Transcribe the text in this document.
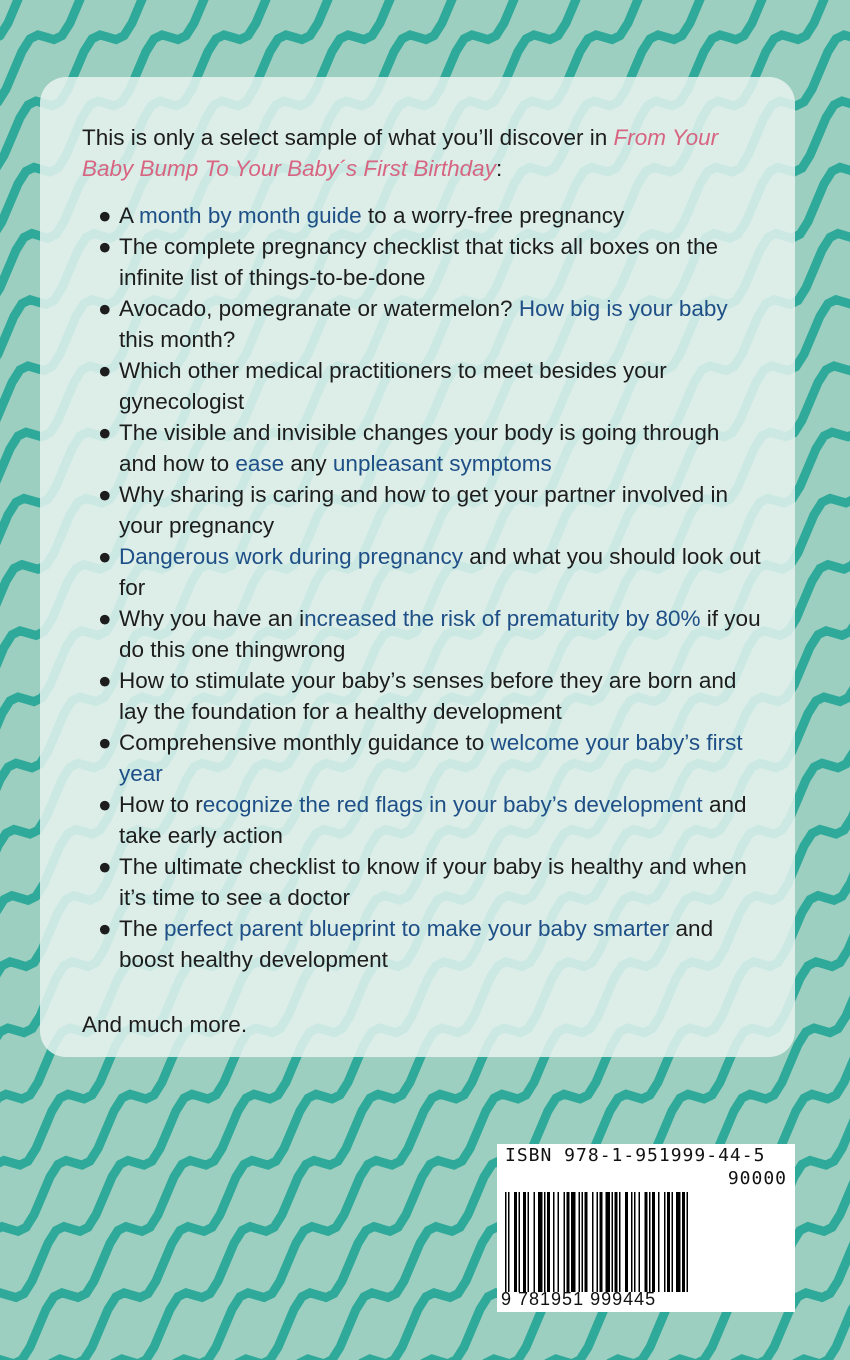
This is only a select sample of what you’ll discover in From Your Baby Bump To Your Baby´s First Birthday:

● A month by month guide to a worry-free pregnancy
● The complete pregnancy checklist that ticks all boxes on the infinite list of things-to-be-done
● Avocado, pomegranate or watermelon? How big is your baby this month?
● Which other medical practitioners to meet besides your gynecologist
● The visible and invisible changes your body is going through and how to ease any unpleasant symptoms
● Why sharing is caring and how to get your partner involved in your pregnancy
● Dangerous work during pregnancy and what you should look out for
● Why you have an increased the risk of prematurity by 80% if you do this one thingwrong
● How to stimulate your baby’s senses before they are born and lay the foundation for a healthy development
● Comprehensive monthly guidance to welcome your baby’s first year
● How to recognize the red flags in your baby’s development and take early action
● The ultimate checklist to know if your baby is healthy and when it’s time to see a doctor
● The perfect parent blueprint to make your baby smarter and boost healthy development

And much more.

ISBN 978-1-951999-44-5
90000
9 781951 999445
